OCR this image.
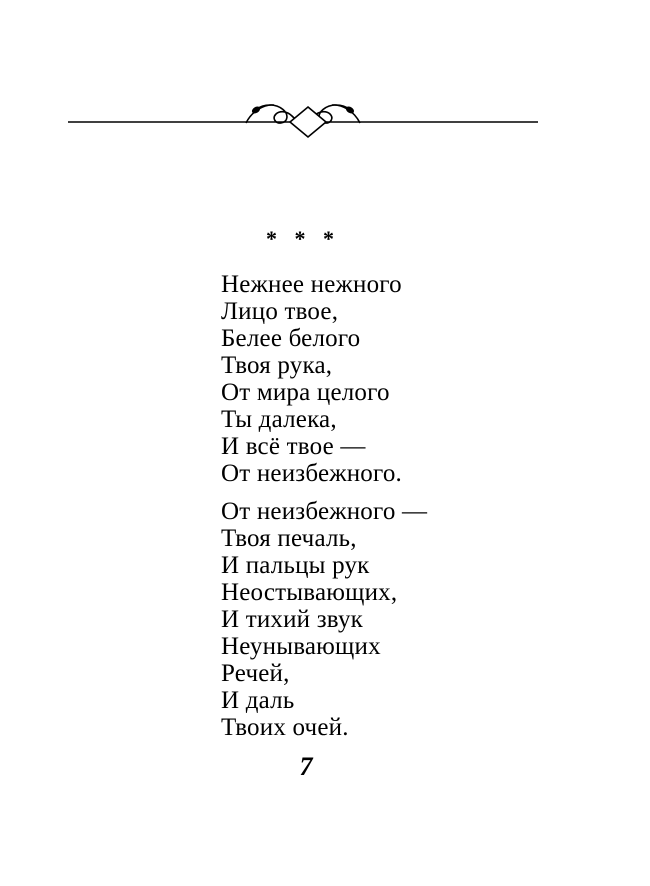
* * *
Нежнее нежного
Лицо твое,
Белее белого
Твоя рука,
От мира целого
Ты далека,
И всё твое —
От неизбежного.
От неизбежного —
Твоя печаль,
И пальцы рук
Неостывающих,
И тихий звук
Неунывающих
Речей,
И даль
Твоих очей.
7
